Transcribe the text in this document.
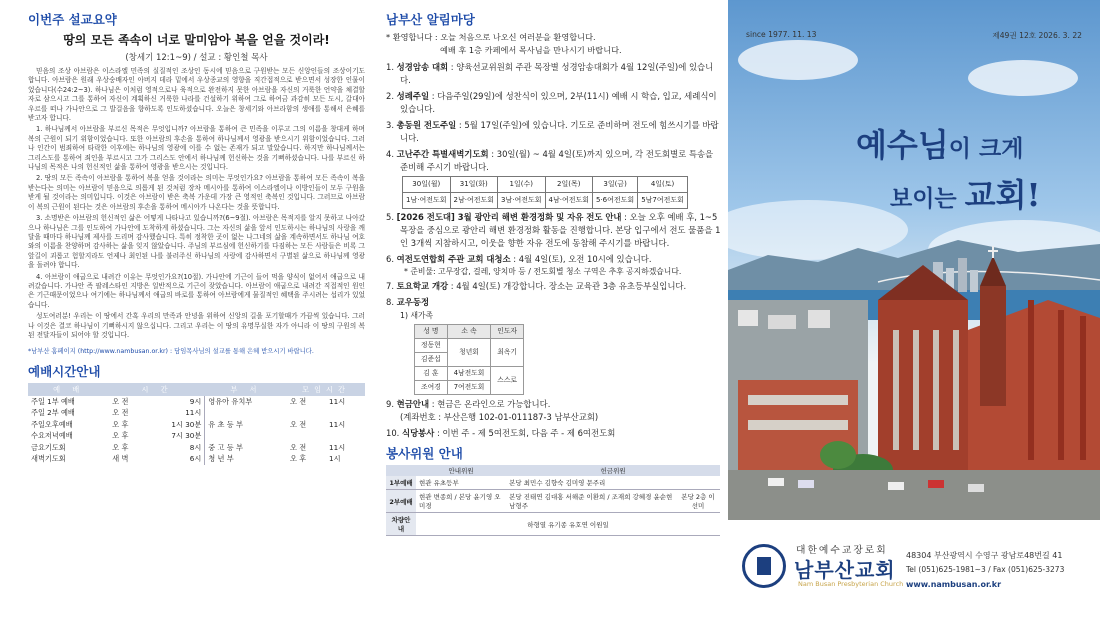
이번주 설교요약
땅의 모든 족속이 너로 말미암아 복을 얻을 것이라!
(창세기 12:1~9) / 설교 : 황인철 목사

믿음의 조상 아브람은 이스라엘 민족의 실질적인 조상인 동시에 믿음으로 구원받는 모든 신앙인들의 조상이기도 합니다. 아브람은 원래 우상숭배자인 아버지 데라 밑에서 우상종교의 영향을 직간접적으로 받으면서 성장한 인물이었습니다(수24:2~3). 하나님은 이처럼 영적으로나 육적으로 완전하지 못한 아브람을 자신의 거룩한 언약을 체결할 자로 삼으시고 그를 통하여 자신이 계획하신 거룩한 나라를 건설하기 위하여 그로 하여금 과감히 모든 도시, 갈대아 우르를 떠나 가나안으로 그 발걸음을 향하도록 인도하셨습니다. 오늘은 창세기와 아브라함의 생애를 통해서 은혜를 받고자 합니다.

1. 하나님께서 아브람을 부르신 목적은 무엇입니까? 아브람을 통하여 큰 민족을 이루고 그의 이름을 창대케 하며 복의 근원이 되기 위함이었습니다. 또한 아브람의 후손을 통하여 하나님께서 영광을 받으시기 위함이었습니다. 그러나 인간이 범죄하여 타락한 이후에는 하나님의 영광에 이를 수 없는 존재가 되고 말았습니다. 하지만 하나님께서는 그리스도를 통하여 죄인을 부르시고 그가 그리스도 안에서 하나님께 헌신하는 것을 기뻐하셨습니다. 나를 부르신 하나님의 목적은 나의 헌신적인 삶을 통하여 영광을 받으시는 것입니다.

2. 땅의 모든 족속이 아브람을 통하여 복을 얻을 것이라는 의미는 무엇인가요? 아브람을 통하여 모든 족속이 복을 받는다는 의미는 아브람이 믿음으로 의롭게 된 것처럼 장차 메시아를 통하여 이스라엘이나 이방인들이 모두 구원을 받게 될 것이라는 의미입니다. 이것은 아브람이 받은 축복 가운데 가장 큰 영적인 축복인 것입니다. 그러므로 아브람이 복의 근원이 된다는 것은 아브람의 후손을 통하여 메시아가 나온다는 것을 뜻합니다.

3. 소명받은 아브람의 헌신적인 삶은 어떻게 나타나고 있습니까?(6~9절). 아브람은 목적지를 알지 못하고 나아갔으나 하나님은 그를 인도하여 가나안에 도착하게 하셨습니다. 그는 자신의 삶을 앞서 인도하시는 하나님의 사랑을 깨달을 때마다 하나님께 제사를 드리며 감사했습니다. 특히 정착한 곳이 없는 나그네의 삶을 계속하면서도 하나님 여호와의 이름을 찬양하며 감사하는 삶을 잊지 않았습니다. 주님의 부르심에 헌신하기를 다짐하는 모든 사람들은 비록 그 앞길이 괴롭고 험할지라도 언제나 최인된 나를 불러주신 하나님의 사랑에 감사하면서 구별된 삶으로 하나님께 영광을 돌려야 합니다.

4. 아브람이 애굽으로 내려간 이유는 무엇인가요?(10절). 가나안에 기근이 들어 먹을 양식이 없어서 애굽으로 내려갔습니다. 가나안 즉 팔레스타인 지방은 일반적으로 기근이 잦았습니다. 아브람이 애굽으로 내려간 직접적인 원인은 기근때문이었으나 여기에는 하나님께서 애굽의 바로를 통하여 아브람에게 물질적인 혜택을 주시려는 섭리가 있었습니다.

성도여러분! 우리는 이 땅에서 간혹 우리의 만족과 안녕을 위하여 신앙의 길을 포기할때가 가끔씩 있습니다. 그러나 이것은 결코 하나님이 기뻐하시지 않으십니다. 그리고 우리는 이 땅의 유명무실한 자가 아니라 이 땅의 구원의 복된 전달자들이 되어야 할 것입니다.

*남부산 홈페이지 (http://www.nambusan.or.kr) : 담임목사님의 설교를 통해 은혜 받으시기 바랍니다.
예배시간안내
예 배	시 간		부 서	모임시간	
주일 1부 예배	오 전	9시	영유아 유치부	오 전	11시
주일 2부 예배	오 전	11시			
주일오후예배	오 후	1시 30분	유 초 등 부	오 전	11시
수요저녁예배	오 후	7시 30분			
금요기도회	오 후	8시	중 고 등 부	오 전	11시
새벽기도회	새 벽	6시	청 년 부	오 후	1시
남부산 알림마당
* 환영합니다 : 오늘 처음으로 나오신 여러분을 환영합니다.
예배 후 1층 카페에서 목사님을 만나시기 바랍니다.
1. 성경암송 대회 : 양육선교위원회 주관 목장별 성경암송대회가 4월 12일(주일)에 있습니다.
2. 성례주일 : 다음주일(29일)에 성찬식이 있으며, 2부(11시) 예배 시 학습, 입교, 세례식이 있습니다.
3. 총동원 전도주일 : 5월 17일(주일)에 있습니다. 기도로 준비하며 전도에 힘쓰시기를 바랍니다.
4. 고난주간 특별새벽기도회 : 30일(월) ~ 4월 4일(토)까지 있으며, 각 전도회별로 특송을 준비해 주시기 바랍니다.
30일(월)	31일(화)	1일(수)	2일(목)	3일(금)	4일(토)
1남·여전도회	2남·여전도회	3남·여전도회	4남·여전도회	5·6여전도회	5남7여전도회
5. [2026 전도대] 3월 광안리 해변 환경정화 및 자유 전도 안내 : 오늘 오후 예배 후, 1~5목장을 중심으로 광안리 해변 환경정화 활동을 진행합니다. 본당 입구에서 전도 물품을 1인 3개씩 지참하시고, 이웃을 향한 자유 전도에 동참해 주시기를 바랍니다.
6. 여전도연합회 주관 교회 대청소 : 4월 4일(토), 오전 10시에 있습니다.
* 준비물: 고무장갑, 걸레, 양치마 등 / 전도회별 청소 구역은 추후 공지하겠습니다.
7. 토요학교 개강 : 4월 4일(토) 개강합니다. 장소는 교육관 3층 유초등부실입니다.
8. 교우동정
1) 새가족
성 명	소 속	인도자
정동현	청년회	최옥기
김준섭		
김 훈	4남전도회	스스로
조여경	7여전도회	
9. 현금안내 : 현금은 온라인으로 가능합니다.
(계좌번호 : 부산은행 102-01-011187-3 남부산교회)
10. 식당봉사 : 이번 주 - 제 5여전도회, 다음 주 - 제 6여전도회
봉사위원 안내
	안내위원	헌금위원	
1부예배	현관 유초등부	본당 최민수 김향숙 김미영 문주리	
2부예배	현관 변종희 / 본당 윤기영 오미경	본당 진태연 김대홍 서해준 이환희 / 조재희 강혜경 윤순현 남형주	본당 2층 이선미
차량안내	하형열 유기종 유호연 이원일		
since 1977. 11. 13	제49권 12호 2026. 3. 22
예수님이 크게
보이는 교회!
대한예수교장로회
남부산교회
Nam Busan Presbyterian Church
48304 부산광역시 수영구 광남로48번길 41
Tel (051)625-1981~3 / Fax (051)625-3273
www.nambusan.or.kr
